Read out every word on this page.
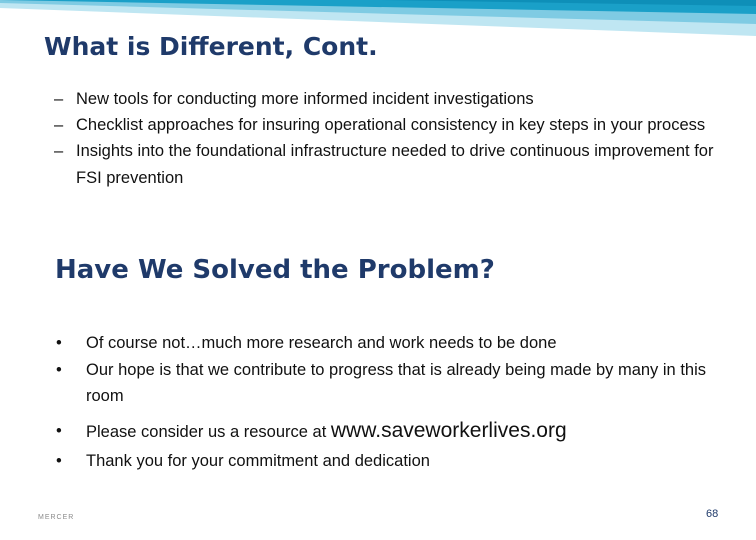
What is Different, Cont.
– New tools for conducting more informed incident investigations
– Checklist approaches for insuring operational consistency in key steps in your process
– Insights into the foundational infrastructure needed to drive continuous improvement for FSI prevention
Have We Solved the Problem?
• Of course not…much more research and work needs to be done
• Our hope is that we contribute to progress that is already being made by many in this room
• Please consider us a resource at www.saveworkerlives.org
• Thank you for your commitment and dedication
MERCER	68
